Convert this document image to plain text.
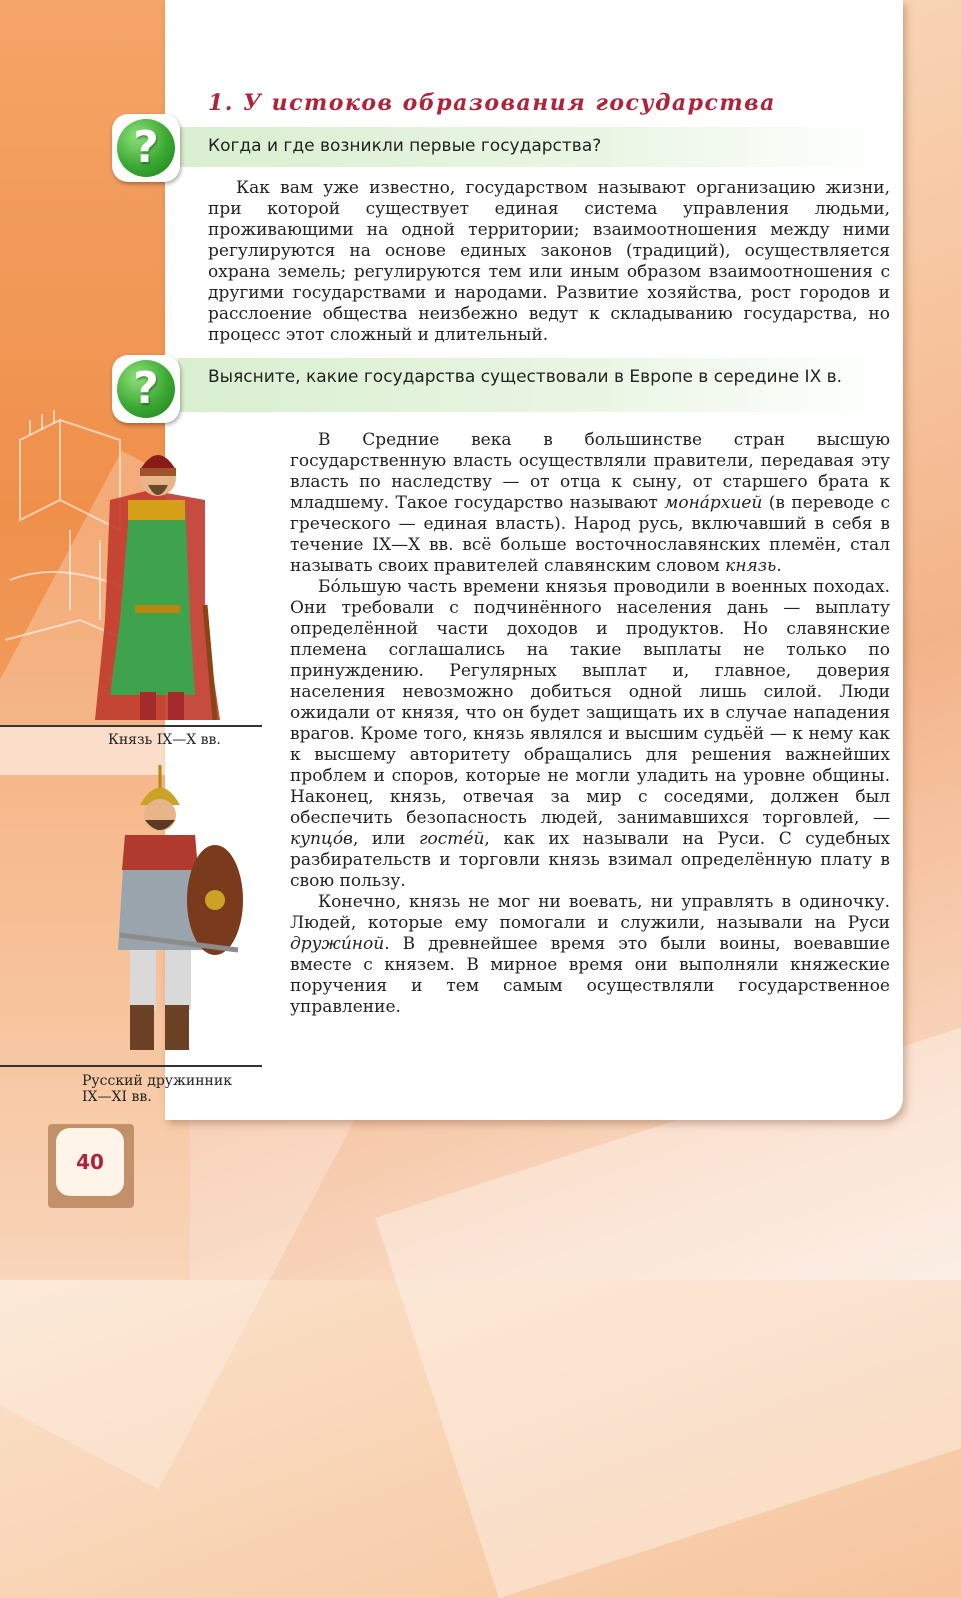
1. У истоков образования государства
?	Когда и где возникли первые государства?

Как вам уже известно, государством называют организацию жизни, при которой существует единая система управления людьми, проживающими на одной территории; взаимоотношения между ними регулируются на основе единых законов (традиций), осуществляется охрана земель; регулируются тем или иным образом взаимоотношения с другими государствами и народами. Развитие хозяйства, рост городов и расслоение общества неизбежно ведут к складыванию государства, но процесс этот сложный и длительный.

?	Выясните, какие государства существовали в Европе в середине IX в.

В Средние века в большинстве стран высшую государственную власть осуществляли правители, передавая эту власть по наследству — от отца к сыну, от старшего брата к младшему. Такое государство называют мона́рхией (в переводе с греческого — единая власть). Народ русь, включавший в себя в течение IX—X вв. всё больше восточнославянских племён, стал называть своих правителей славянским словом князь.

Бóльшую часть времени князья проводили в военных походах. Они требовали с подчинённого населения дань — выплату определённой части доходов и продуктов. Но славянские племена соглашались на такие выплаты не только по принуждению. Регулярных выплат и, главное, доверия населения невозможно добиться одной лишь силой. Люди ожидали от князя, что он будет защищать их в случае нападения врагов. Кроме того, князь являлся и высшим судьёй — к нему как к высшему авторитету обращались для решения важнейших проблем и споров, которые не могли уладить на уровне общины. Наконец, князь, отвечая за мир с соседями, должен был обеспечить безопасность людей, занимавшихся торговлей, — купцóв, или гостéй, как их называли на Руси. С судебных разбирательств и торговли князь взимал определённую плату в свою пользу.

Конечно, князь не мог ни воевать, ни управлять в одиночку. Людей, которые ему помогали и служили, называли на Руси дружи́ной. В древнейшее время это были воины, воевавшие вместе с князем. В мирное время они выполняли княжеские поручения и тем самым осуществляли государственное управление.

Князь IX—X вв.
Русский дружинник
IX—XI вв.
40
